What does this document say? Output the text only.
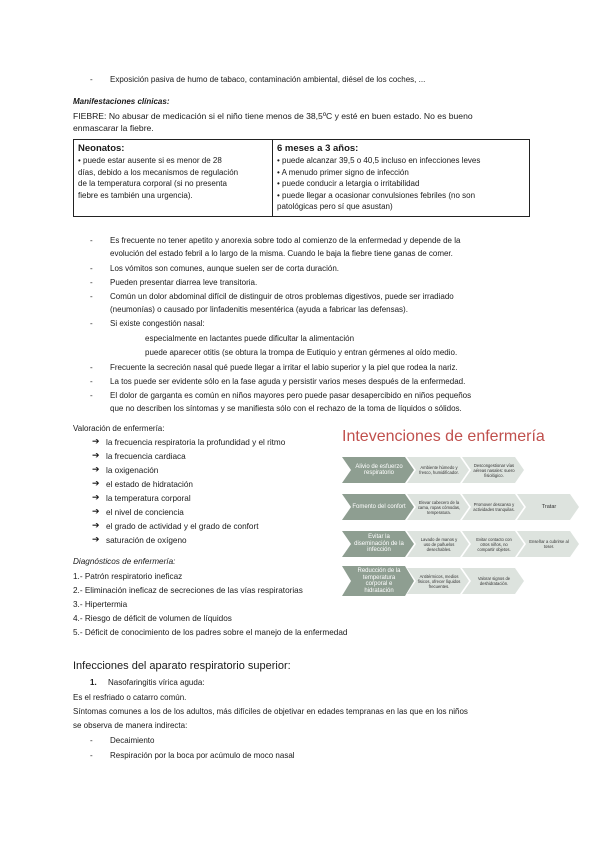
-	Exposición pasiva de humo de tabaco, contaminación ambiental, diésel de los coches, ...
Manifestaciones clínicas:
FIEBRE: No abusar de medicación si el niño tiene menos de 38,5ºC y esté en buen estado. No es bueno
enmascarar la fiebre.
Neonatos:
• puede estar ausente si es menor de 28
días, debido a los mecanismos de regulación
de la temperatura corporal (si no presenta
fiebre es también una urgencia).

6 meses a 3 años:
• puede alcanzar 39,5 o 40,5 incluso en infecciones leves
• A menudo primer signo de infección
• puede conducir a letargia o irritabilidad
• puede llegar a ocasionar convulsiones febriles (no son
patológicas pero sí que asustan)
-	Es frecuente no tener apetito y anorexia sobre todo al comienzo de la enfermedad y depende de la
evolución del estado febril a lo largo de la misma. Cuando le baja la fiebre tiene ganas de comer.
-	Los vómitos son comunes, aunque suelen ser de corta duración.
-	Pueden presentar diarrea leve transitoria.
-	Común un dolor abdominal difícil de distinguir de otros problemas digestivos, puede ser irradiado
(neumonías) o causado por linfadenitis mesentérica (ayuda a fabricar las defensas).
-	Si existe congestión nasal:
especialmente en lactantes puede dificultar la alimentación
puede aparecer otitis (se obtura la trompa de Eutiquio y entran gérmenes al oído medio.
-	Frecuente la secreción nasal qué puede llegar a irritar el labio superior y la piel que rodea la nariz.
-	La tos puede ser evidente sólo en la fase aguda y persistir varios meses después de la enfermedad.
-	El dolor de garganta es común en niños mayores pero puede pasar desapercibido en niños pequeños
que no describen los síntomas y se manifiesta sólo con el rechazo de la toma de líquidos o sólidos.
Valoración de enfermería:
➔ la frecuencia respiratoria la profundidad y el ritmo
➔ la frecuencia cardiaca
➔ la oxigenación
➔ el estado de hidratación
➔ la temperatura corporal
➔ el nivel de conciencia
➔ el grado de actividad y el grado de confort
➔ saturación de oxígeno
Diagnósticos de enfermería:
1.- Patrón respiratorio ineficaz
2.- Eliminación ineficaz de secreciones de las vías respiratorias
3.- Hipertermia
4.- Riesgo de déficit de volumen de líquidos
5.- Déficit de conocimiento de los padres sobre el manejo de la enfermedad
Intevenciones de enfermería
Alivio de esfuerzo respiratorio
Ambiente húmedo y fresco, humidificador.
Descongestionar vías aéreas nasales: suero fisiológico.
Fomento del confort
Elevar cabecero de la cama, ropas cómodas, temperatura.
Promover descanso y actividades tranquilas.	Tratar
Evitar la diseminación de la infección
Lavado de manos y uso de pañuelos desechables.
Evitar contacto con otros niños, no compartir objetos.
Enseñar a cubrirse al toser.
Reducción de la temperatura corporal e hidratación
Antitérmicos, medios físicos, ofrecer líquidos frecuentes.
Valorar signos de deshidratación.
Infecciones del aparato respiratorio superior:
1. Nasofaringitis vírica aguda:
Es el resfriado o catarro común.
Síntomas comunes a los de los adultos, más difíciles de objetivar en edades tempranas en las que en los niños
se observa de manera indirecta:
-	Decaimiento
-	Respiración por la boca por acúmulo de moco nasal
